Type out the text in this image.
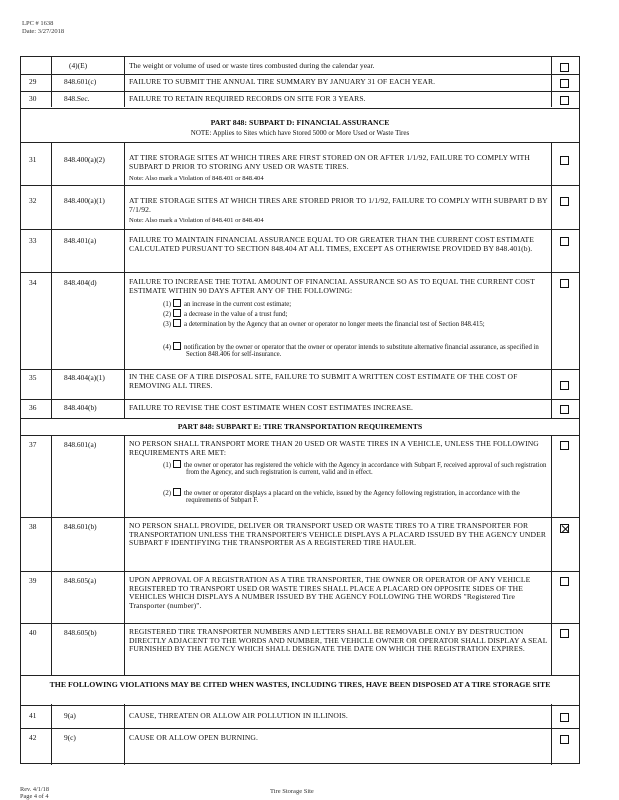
LPC # 1638
Date: 3/27/2018
(4)(E)	The weight or volume of used or waste tires combusted during the calendar year.
29	848.601(c)	FAILURE TO SUBMIT THE ANNUAL TIRE SUMMARY BY JANUARY 31 OF EACH YEAR.
30	848.Sec.	FAILURE TO RETAIN REQUIRED RECORDS ON SITE FOR 3 YEARS.
PART 848: SUBPART D: FINANCIAL ASSURANCE
NOTE: Applies to Sites which have Stored 5000 or More Used or Waste Tires
31	848.400(a)(2)	AT TIRE STORAGE SITES AT WHICH TIRES ARE FIRST STORED ON OR AFTER 1/1/92, FAILURE TO COMPLY WITH SUBPART D PRIOR TO STORING ANY USED OR WASTE TIRES.
Note: Also mark a Violation of 848.401 or 848.404
32	848.400(a)(1)	AT TIRE STORAGE SITES AT WHICH TIRES ARE STORED PRIOR TO 1/1/92, FAILURE TO COMPLY WITH SUBPART D BY 7/1/92.
Note: Also mark a Violation of 848.401 or 848.404
33	848.401(a)	FAILURE TO MAINTAIN FINANCIAL ASSURANCE EQUAL TO OR GREATER THAN THE CURRENT COST ESTIMATE CALCULATED PURSUANT TO SECTION 848.404 AT ALL TIMES, EXCEPT AS OTHERWISE PROVIDED BY 848.401(b).
34	848.404(d)	FAILURE TO INCREASE THE TOTAL AMOUNT OF FINANCIAL ASSURANCE SO AS TO EQUAL THE CURRENT COST ESTIMATE WITHIN 90 DAYS AFTER ANY OF THE FOLLOWING:
(1) an increase in the current cost estimate;
(2) a decrease in the value of a trust fund;
(3) a determination by the Agency that an owner or operator no longer meets the financial test of Section 848.415;
(4) notification by the owner or operator that the owner or operator intends to substitute alternative financial assurance, as specified in Section 848.406 for self-insurance.
35	848.404(a)(1)	IN THE CASE OF A TIRE DISPOSAL SITE, FAILURE TO SUBMIT A WRITTEN COST ESTIMATE OF THE COST OF REMOVING ALL TIRES.
36	848.404(b)	FAILURE TO REVISE THE COST ESTIMATE WHEN COST ESTIMATES INCREASE.
PART 848: SUBPART E: TIRE TRANSPORTATION REQUIREMENTS
37	848.601(a)	NO PERSON SHALL TRANSPORT MORE THAN 20 USED OR WASTE TIRES IN A VEHICLE, UNLESS THE FOLLOWING REQUIREMENTS ARE MET:
(1) the owner or operator has registered the vehicle with the Agency in accordance with Subpart F, received approval of such registration from the Agency, and such registration is current, valid and in effect.
(2) the owner or operator displays a placard on the vehicle, issued by the Agency following registration, in accordance with the requirements of Subpart F.
38	848.601(b)	NO PERSON SHALL PROVIDE, DELIVER OR TRANSPORT USED OR WASTE TIRES TO A TIRE TRANSPORTER FOR TRANSPORTATION UNLESS THE TRANSPORTER'S VEHICLE DISPLAYS A PLACARD ISSUED BY THE AGENCY UNDER SUBPART F IDENTIFYING THE TRANSPORTER AS A REGISTERED TIRE HAULER.
39	848.605(a)	UPON APPROVAL OF A REGISTRATION AS A TIRE TRANSPORTER, THE OWNER OR OPERATOR OF ANY VEHICLE REGISTERED TO TRANSPORT USED OR WASTE TIRES SHALL PLACE A PLACARD ON OPPOSITE SIDES OF THE VEHICLES WHICH DISPLAYS A NUMBER ISSUED BY THE AGENCY FOLLOWING THE WORDS "Registered Tire Transporter (number)".
40	848.605(b)	REGISTERED TIRE TRANSPORTER NUMBERS AND LETTERS SHALL BE REMOVABLE ONLY BY DESTRUCTION DIRECTLY ADJACENT TO THE WORDS AND NUMBER, THE VEHICLE OWNER OR OPERATOR SHALL DISPLAY A SEAL FURNISHED BY THE AGENCY WHICH SHALL DESIGNATE THE DATE ON WHICH THE REGISTRATION EXPIRES.
THE FOLLOWING VIOLATIONS MAY BE CITED WHEN WASTES, INCLUDING TIRES, HAVE BEEN DISPOSED AT A TIRE STORAGE SITE
41	9(a)	CAUSE, THREATEN OR ALLOW AIR POLLUTION IN ILLINOIS.
42	9(c)	CAUSE OR ALLOW OPEN BURNING.
Rev. 4/1/18
Page 4 of 4
Tire Storage Site
